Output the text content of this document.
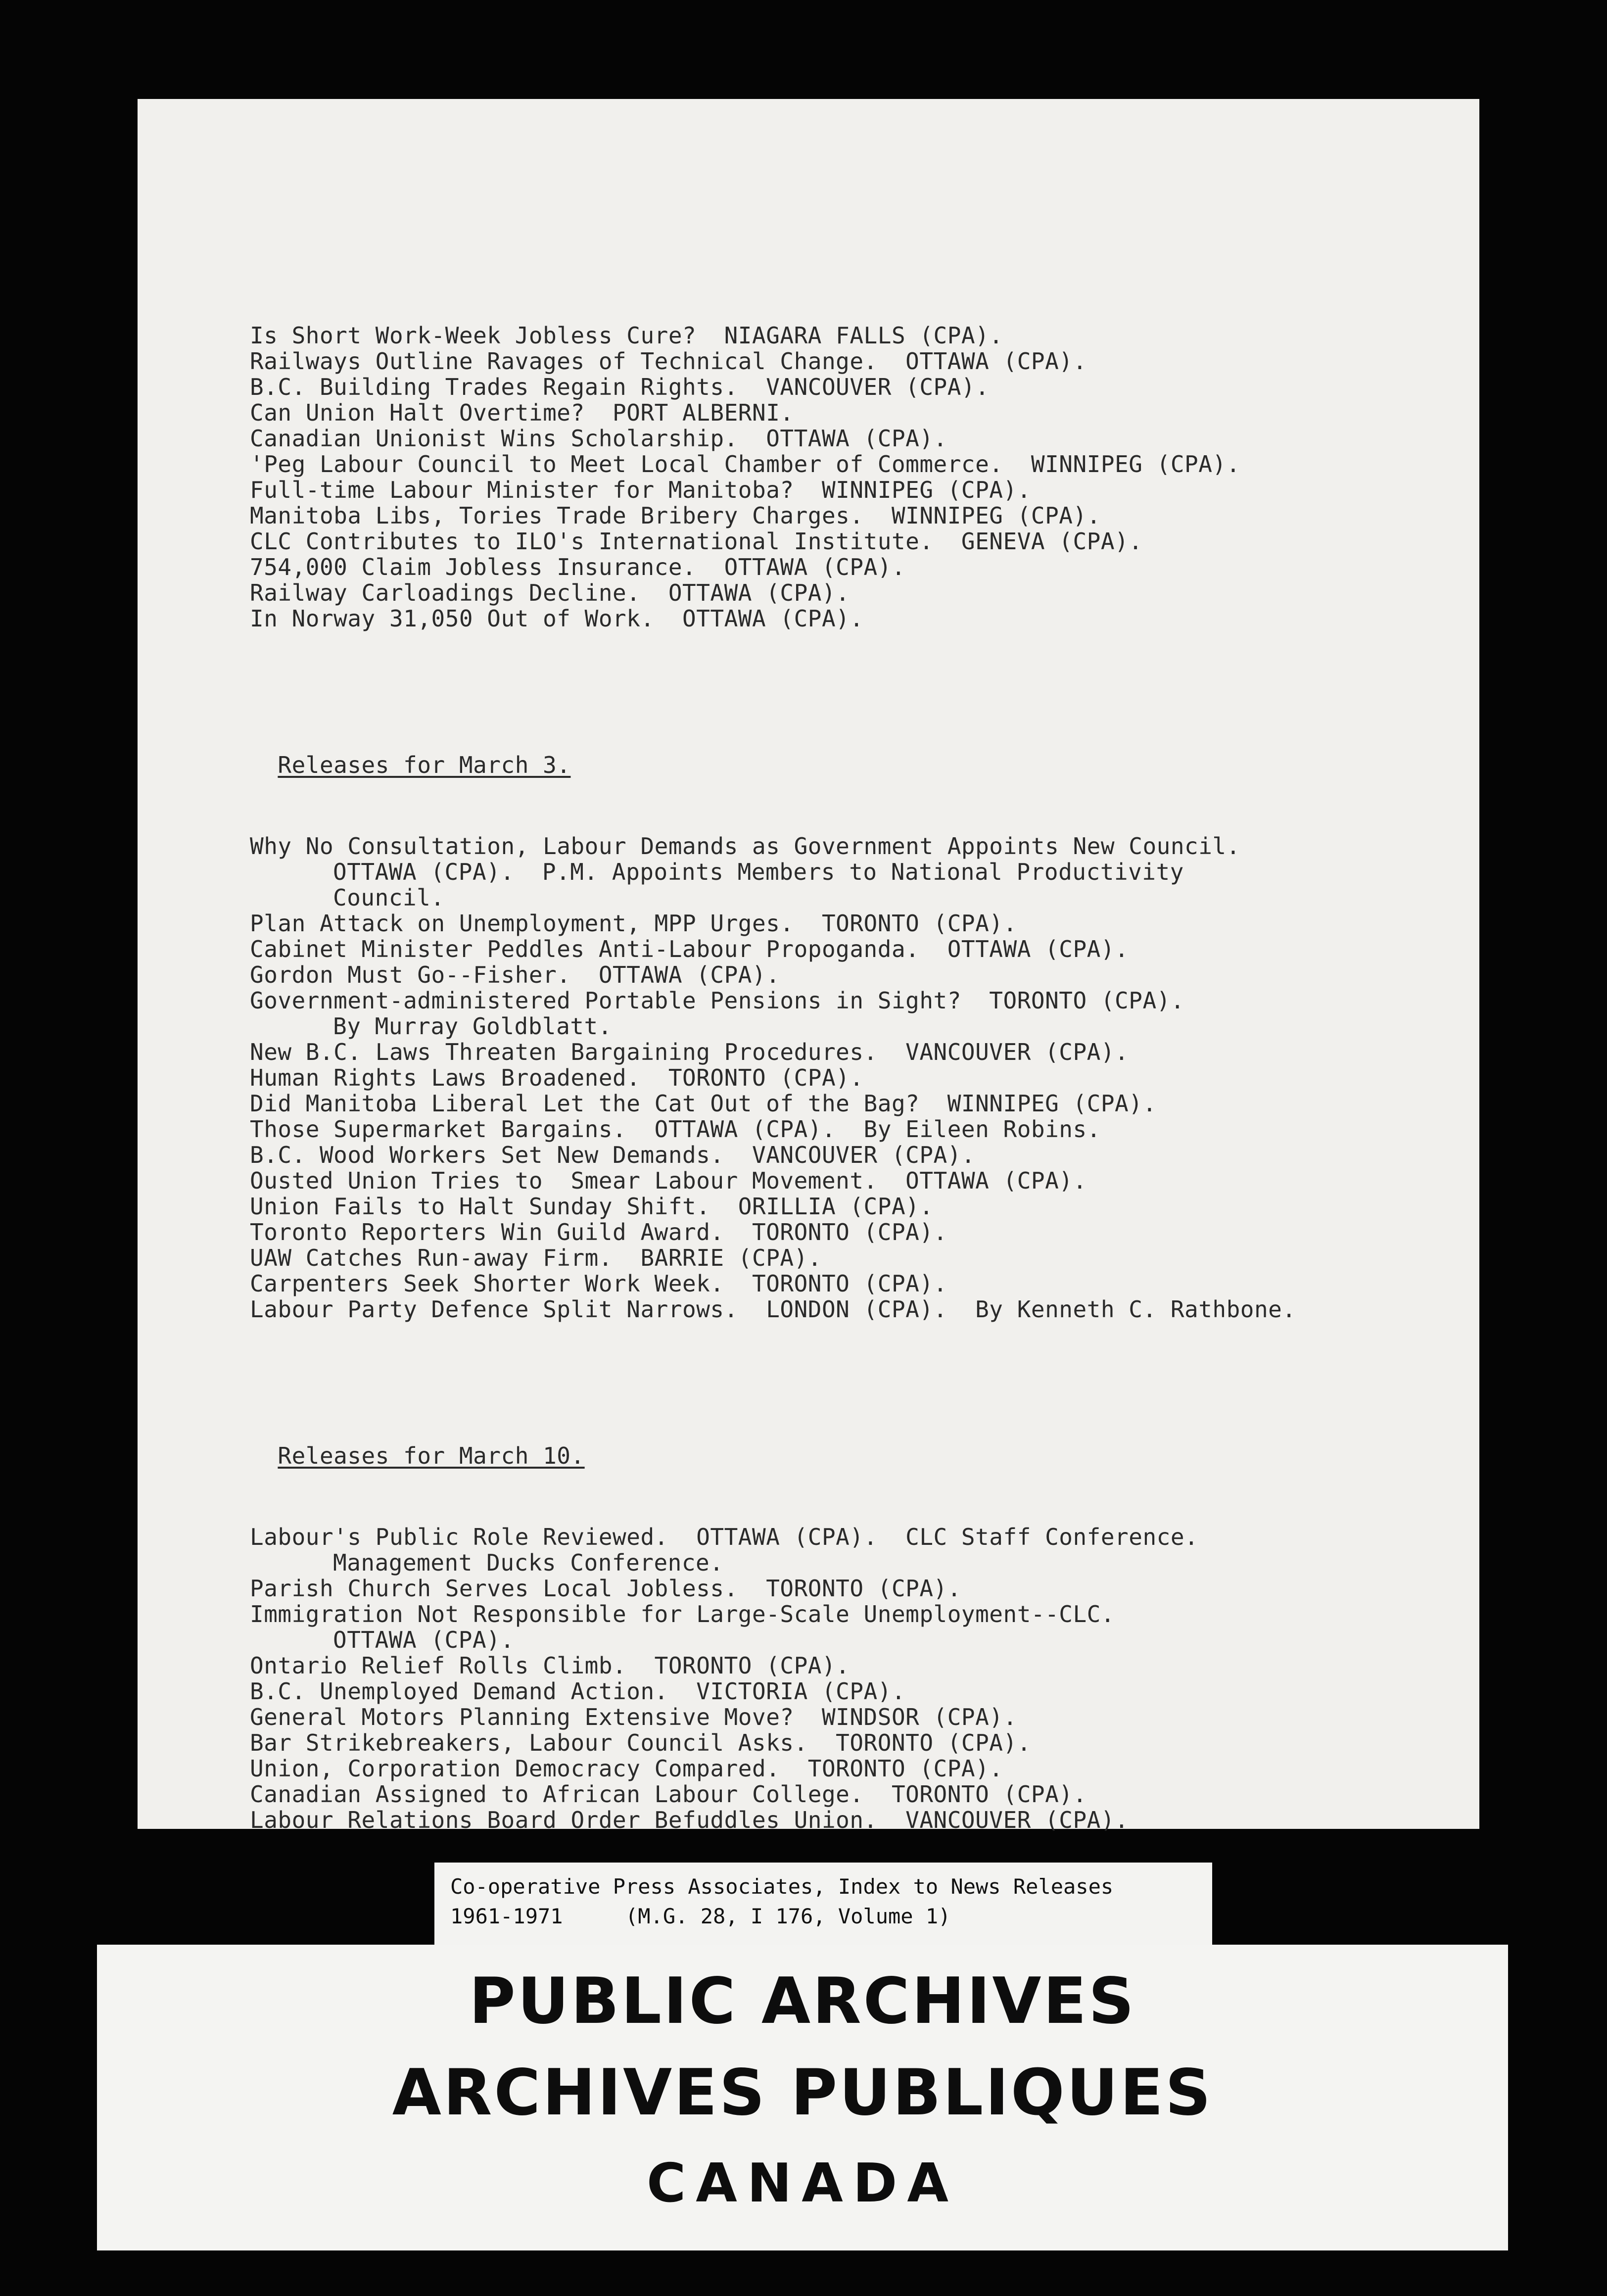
Is Short Work-Week Jobless Cure?  NIAGARA FALLS (CPA).
Railways Outline Ravages of Technical Change.  OTTAWA (CPA).
B.C. Building Trades Regain Rights.  VANCOUVER (CPA).
Can Union Halt Overtime?  PORT ALBERNI.
Canadian Unionist Wins Scholarship.  OTTAWA (CPA).
'Peg Labour Council to Meet Local Chamber of Commerce.  WINNIPEG (CPA).
Full-time Labour Minister for Manitoba?  WINNIPEG (CPA).
Manitoba Libs, Tories Trade Bribery Charges.  WINNIPEG (CPA).
CLC Contributes to ILO's International Institute.  GENEVA (CPA).
754,000 Claim Jobless Insurance.  OTTAWA (CPA).
Railway Carloadings Decline.  OTTAWA (CPA).
In Norway 31,050 Out of Work.  OTTAWA (CPA).

Releases for March 3.

Why No Consultation, Labour Demands as Government Appoints New Council.
OTTAWA (CPA).  P.M. Appoints Members to National Productivity
Council.
Plan Attack on Unemployment, MPP Urges.  TORONTO (CPA).
Cabinet Minister Peddles Anti-Labour Propoganda.  OTTAWA (CPA).
Gordon Must Go--Fisher.  OTTAWA (CPA).
Government-administered Portable Pensions in Sight?  TORONTO (CPA).
By Murray Goldblatt.
New B.C. Laws Threaten Bargaining Procedures.  VANCOUVER (CPA).
Human Rights Laws Broadened.  TORONTO (CPA).
Did Manitoba Liberal Let the Cat Out of the Bag?  WINNIPEG (CPA).
Those Supermarket Bargains.  OTTAWA (CPA).  By Eileen Robins.
B.C. Wood Workers Set New Demands.  VANCOUVER (CPA).
Ousted Union Tries to  Smear Labour Movement.  OTTAWA (CPA).
Union Fails to Halt Sunday Shift.  ORILLIA (CPA).
Toronto Reporters Win Guild Award.  TORONTO (CPA).
UAW Catches Run-away Firm.  BARRIE (CPA).
Carpenters Seek Shorter Work Week.  TORONTO (CPA).
Labour Party Defence Split Narrows.  LONDON (CPA).  By Kenneth C. Rathbone.

Releases for March 10.

Labour's Public Role Reviewed.  OTTAWA (CPA).  CLC Staff Conference.
Management Ducks Conference.
Parish Church Serves Local Jobless.  TORONTO (CPA).
Immigration Not Responsible for Large-Scale Unemployment--CLC.
OTTAWA (CPA).
Ontario Relief Rolls Climb.  TORONTO (CPA).
B.C. Unemployed Demand Action.  VICTORIA (CPA).
General Motors Planning Extensive Move?  WINDSOR (CPA).
Bar Strikebreakers, Labour Council Asks.  TORONTO (CPA).
Union, Corporation Democracy Compared.  TORONTO (CPA).
Canadian Assigned to African Labour College.  TORONTO (CPA).
Labour Relations Board Order Befuddles Union.  VANCOUVER (CPA).

Co-operative Press Associates, Index to News Releases
1961-1971     (M.G. 28, I 176, Volume 1)
PUBLIC ARCHIVES
ARCHIVES PUBLIQUES
CANADA
